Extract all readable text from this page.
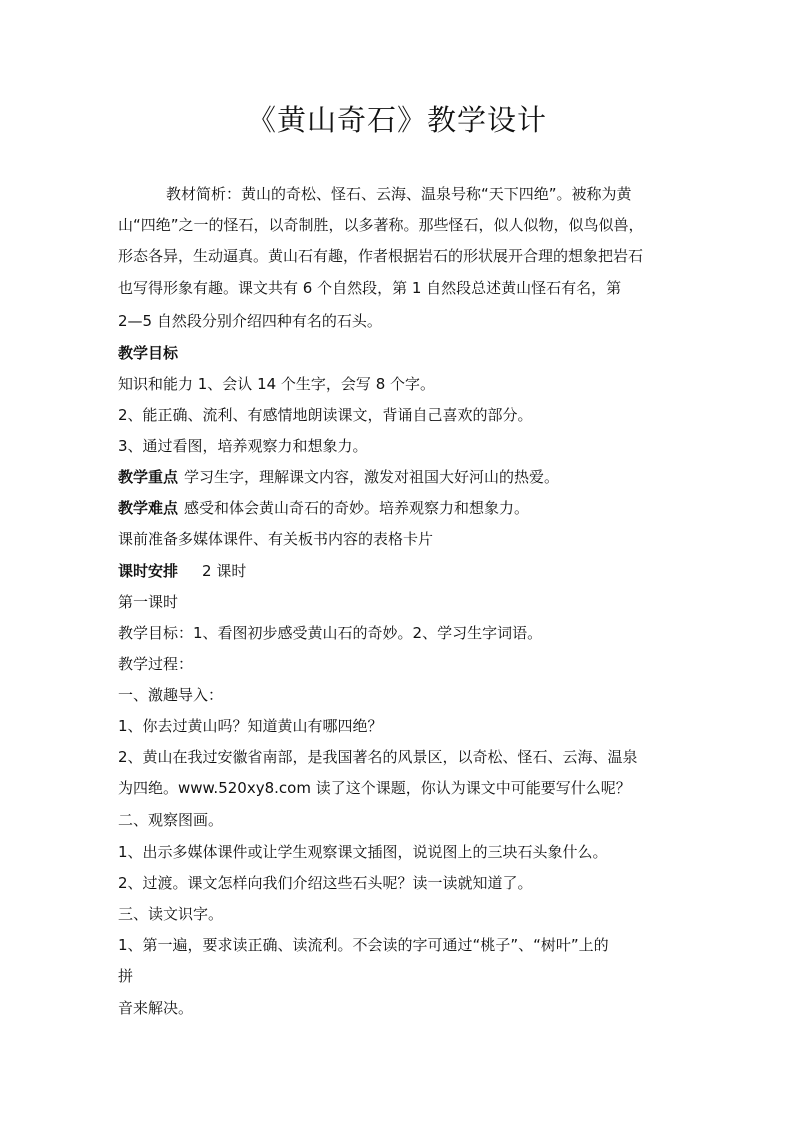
《黄山奇石》教学设计
教材简析：黄山的奇松、怪石、云海、温泉号称“天下四绝”。被称为黄
山“四绝”之一的怪石，以奇制胜，以多著称。那些怪石，似人似物，似鸟似兽，
形态各异，生动逼真。黄山石有趣，作者根据岩石的形状展开合理的想象把岩石
也写得形象有趣。课文共有 6 个自然段，第 1 自然段总述黄山怪石有名，第
2—5 自然段分别介绍四种有名的石头。
教学目标
知识和能力 1、会认 14 个生字，会写 8 个字。
2、能正确、流利、有感情地朗读课文，背诵自己喜欢的部分。
3、通过看图，培养观察力和想象力。
教学重点 学习生字，理解课文内容，激发对祖国大好河山的热爱。
教学难点 感受和体会黄山奇石的奇妙。培养观察力和想象力。
课前准备多媒体课件、有关板书内容的表格卡片
课时安排 2 课时
第一课时
教学目标：1、看图初步感受黄山石的奇妙。2、学习生字词语。
教学过程：
一、激趣导入：
1、你去过黄山吗？知道黄山有哪四绝？
2、黄山在我过安徽省南部，是我国著名的风景区，以奇松、怪石、云海、温泉
为四绝。www.520xy8.com 读了这个课题，你认为课文中可能要写什么呢？
二、观察图画。
1、出示多媒体课件或让学生观察课文插图，说说图上的三块石头象什么。
2、过渡。课文怎样向我们介绍这些石头呢？读一读就知道了。
三、读文识字。
1、第一遍，要求读正确、读流利。不会读的字可通过“桃子”、“树叶”上的
拼
音来解决。
